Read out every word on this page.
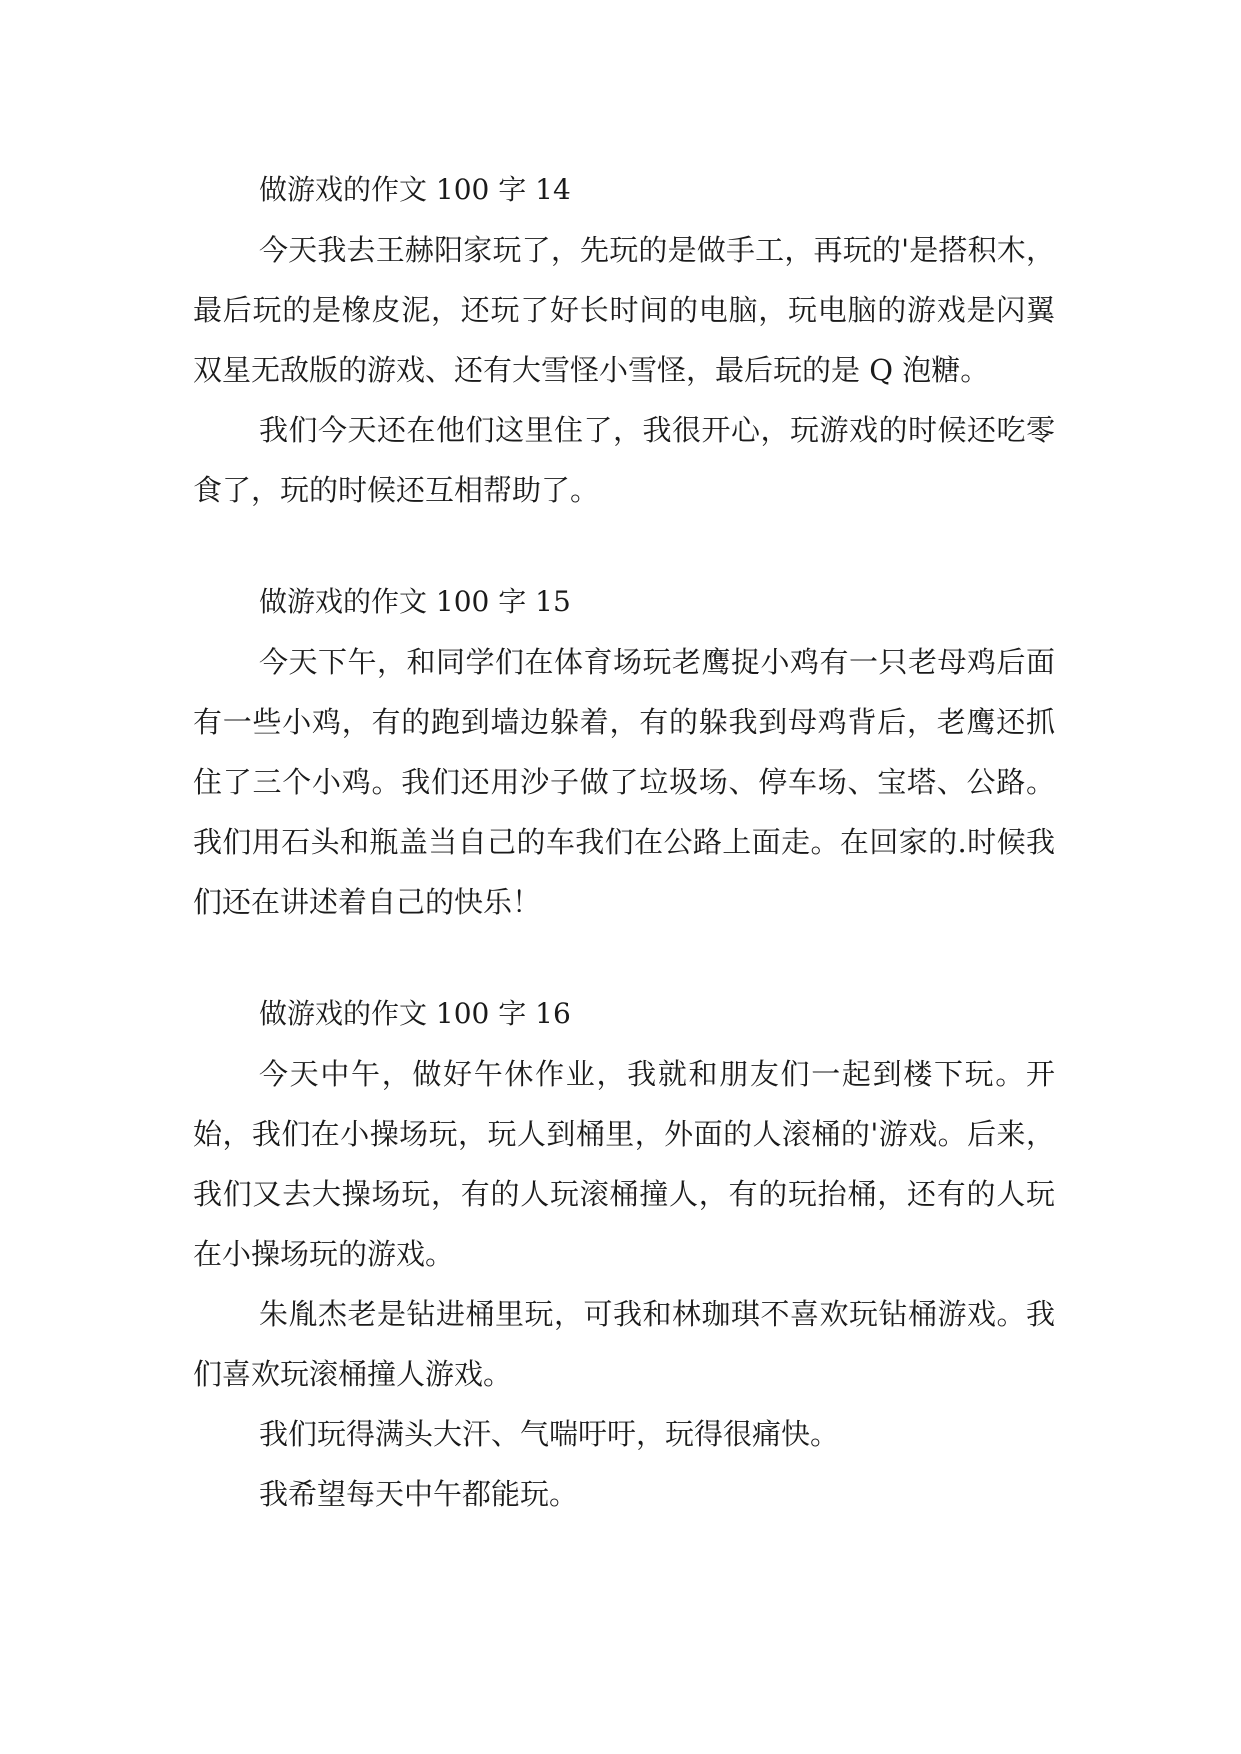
做游戏的作文 100 字 14

今天我去王赫阳家玩了，先玩的是做手工，再玩的'是搭积木，最后玩的是橡皮泥，还玩了好长时间的电脑，玩电脑的游戏是闪翼双星无敌版的游戏、还有大雪怪小雪怪，最后玩的是 Q 泡糖。

我们今天还在他们这里住了，我很开心，玩游戏的时候还吃零食了，玩的时候还互相帮助了。

做游戏的作文 100 字 15

今天下午，和同学们在体育场玩老鹰捉小鸡有一只老母鸡后面有一些小鸡，有的跑到墙边躲着，有的躲我到母鸡背后，老鹰还抓住了三个小鸡。我们还用沙子做了垃圾场、停车场、宝塔、公路。我们用石头和瓶盖当自己的车我们在公路上面走。在回家的.时候我们还在讲述着自己的快乐！

做游戏的作文 100 字 16

今天中午，做好午休作业，我就和朋友们一起到楼下玩。开始，我们在小操场玩，玩人到桶里，外面的人滚桶的'游戏。后来，我们又去大操场玩，有的人玩滚桶撞人，有的玩抬桶，还有的人玩在小操场玩的游戏。

朱胤杰老是钻进桶里玩，可我和林珈琪不喜欢玩钻桶游戏。我们喜欢玩滚桶撞人游戏。

我们玩得满头大汗、气喘吁吁，玩得很痛快。

我希望每天中午都能玩。
